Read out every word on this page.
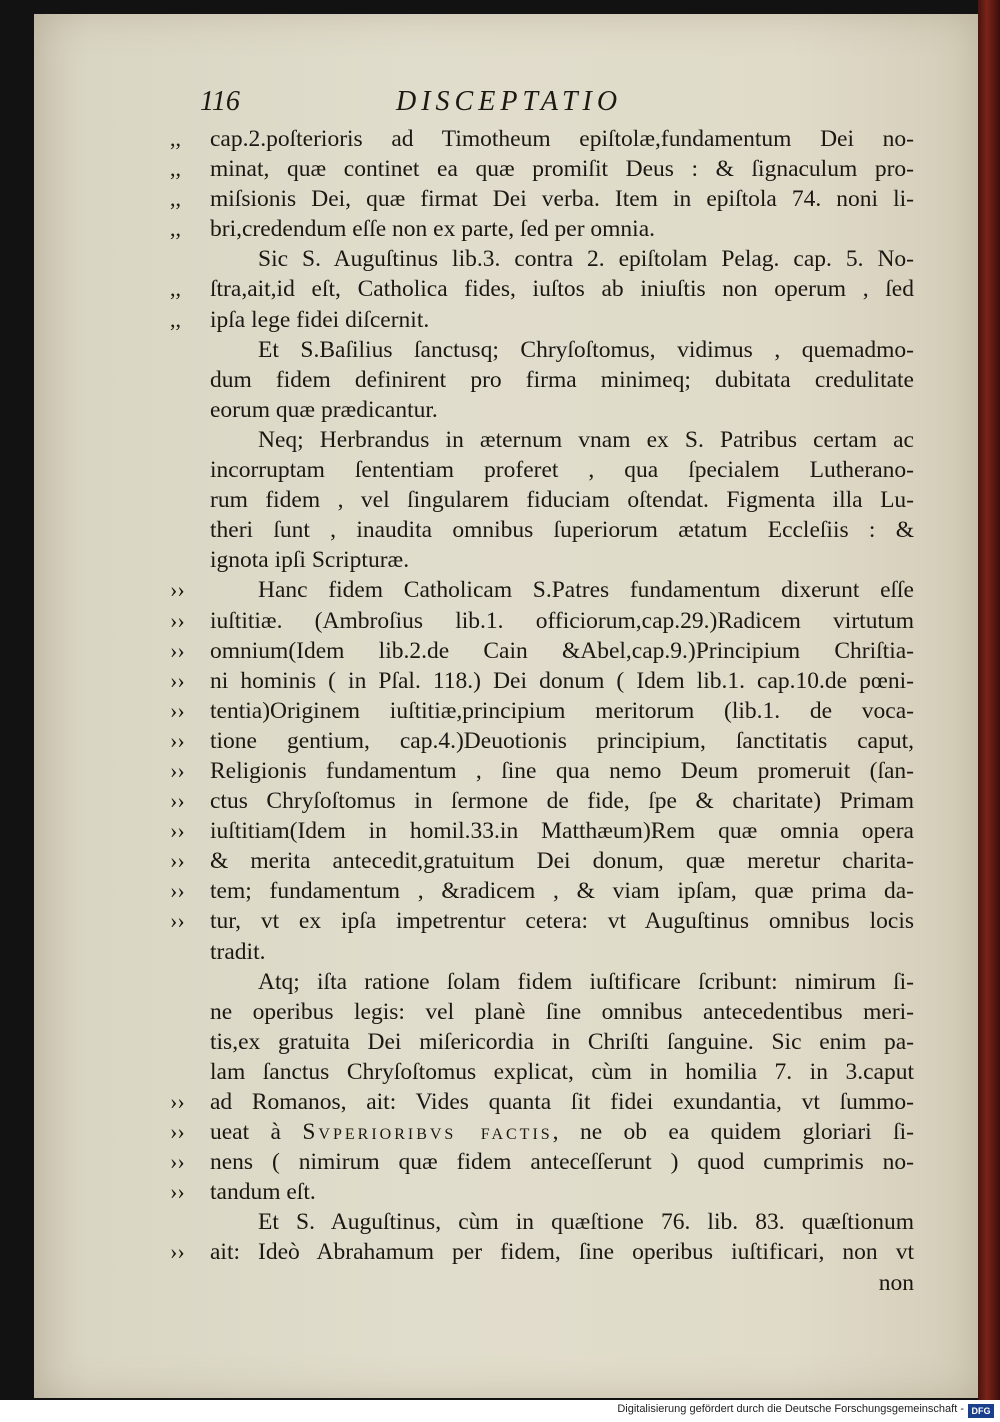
116	DISCEPTATIO
,,	cap.2.poſterioris ad Timotheum epiſtolæ,fundamentum Dei no-
,,	minat, quæ continet ea quæ promiſit Deus : & ſignaculum pro-
,,	miſsionis Dei, quæ firmat Dei verba. Item in epiſtola 74. noni li-
,,	bri,credendum eſſe non ex parte, ſed per omnia.
Sic S. Auguſtinus lib.3. contra 2. epiſtolam Pelag. cap. 5. No-
,,	ſtra,ait,id eſt, Catholica fides, iuſtos ab iniuſtis non operum , ſed
,,	ipſa lege fidei diſcernit.
Et S.Baſilius ſanctusq; Chryſoſtomus, vidimus , quemadmo-
dum fidem definirent pro firma minimeq; dubitata credulitate
eorum quæ prædicantur.
Neq; Herbrandus in æternum vnam ex S. Patribus certam ac
incorruptam ſententiam proferet , qua ſpecialem Lutherano-
rum fidem , vel ſingularem fiduciam oſtendat. Figmenta illa Lu-
theri ſunt , inaudita omnibus ſuperiorum ætatum Eccleſiis : &
ignota ipſi Scripturæ.
››	Hanc fidem Catholicam S.Patres fundamentum dixerunt eſſe
››	iuſtitiæ. (Ambroſius lib.1. officiorum,cap.29.)Radicem virtutum
››	omnium(Idem lib.2.de Cain &Abel,cap.9.)Principium Chriſtia-
››	ni hominis ( in Pſal. 118.) Dei donum ( Idem lib.1. cap.10.de pœni-
››	tentia)Originem iuſtitiæ,principium meritorum (lib.1. de voca-
››	tione gentium, cap.4.)Deuotionis principium, ſanctitatis caput,
››	Religionis fundamentum , ſine qua nemo Deum promeruit (ſan-
››	ctus Chryſoſtomus in ſermone de fide, ſpe & charitate) Primam
››	iuſtitiam(Idem in homil.33.in Matthæum)Rem quæ omnia opera
››	& merita antecedit,gratuitum Dei donum, quæ meretur charita-
››	tem; fundamentum , &radicem , & viam ipſam, quæ prima da-
››	tur, vt ex ipſa impetrentur cetera: vt Auguſtinus omnibus locis
tradit.
Atq; iſta ratione ſolam fidem iuſtificare ſcribunt: nimirum ſi-
ne operibus legis: vel planè ſine omnibus antecedentibus meri-
tis,ex gratuita Dei miſericordia in Chriſti ſanguine. Sic enim pa-
lam ſanctus Chryſoſtomus explicat, cùm in homilia 7. in 3.caput
››	ad Romanos, ait: Vides quanta ſit fidei exundantia, vt ſummo-
››	ueat à Svperioribvs factis, ne ob ea quidem gloriari ſi-
››	nens ( nimirum quæ fidem anteceſſerunt ) quod cumprimis no-
››	tandum eſt.
Et S. Auguſtinus, cùm in quæſtione 76. lib. 83. quæſtionum
››	ait: Ideò Abrahamum per fidem, ſine operibus iuſtificari, non vt
non
Digitalisierung gefördert durch die Deutsche Forschungsgemeinschaft - DFG
